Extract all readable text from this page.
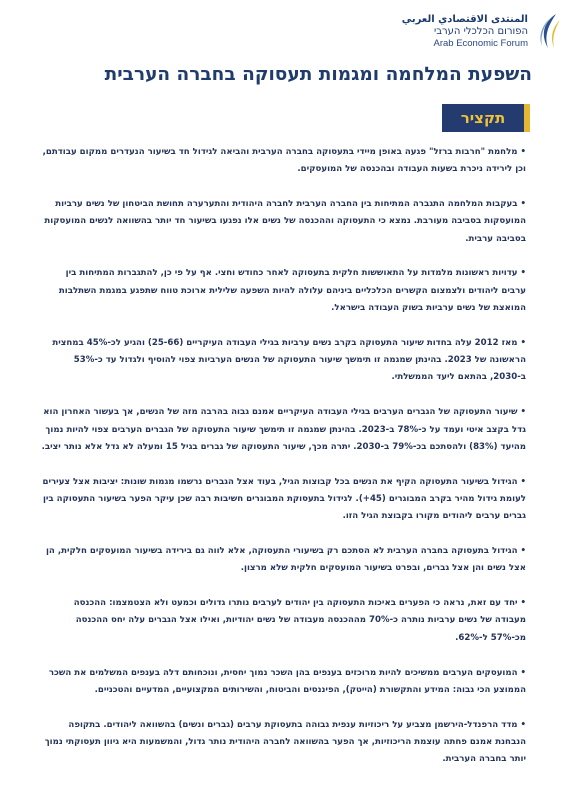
المنتدى الاقتصادي العربي
הפורום הכלכלי הערבי
Arab Economic Forum
השפעת המלחמה ומגמות תעסוקה בחברה הערבית
תקציר

• מלחמת "חרבות ברזל" פגעה באופן מיידי בתעסוקה בחברה הערבית והביאה לגידול חד בשיעור הנעדרים ממקום עבודתם, וכן לירידה ניכרת בשעות העבודה ובהכנסה של המועסקים.

• בעקבות המלחמה התגברה המתיחות בין החברה הערבית לחברה היהודית והתערערה תחושת הביטחון של נשים ערביות המועסקות בסביבה מעורבת. נמצא כי התעסוקה וההכנסה של נשים אלו נפגעו בשיעור חד יותר בהשוואה לנשים המועסקות בסביבה ערבית.

• עדויות ראשונות מלמדות על התאוששות חלקית בתעסוקה לאחר כחודש וחצי. אף על פי כן, להתגברות המתיחות בין ערבים ליהודים ולצמצום הקשרים הכלכליים ביניהם עלולה להיות השפעה שלילית ארוכת טווח שתפגע במגמת השתלבות המואצת של נשים ערביות בשוק העבודה בישראל.

• מאז 2012 עלה בחדות שיעור התעסוקה בקרב נשים ערביות בגילי העבודה העיקריים (25-66) והגיע לכ-45% במחצית הראשונה של 2023. בהינתן שמגמה זו תימשך שיעור התעסוקה של הנשים הערביות צפוי להוסיף ולגדול עד כ-53% ב-2030, בהתאם ליעד הממשלתי.

• שיעור התעסוקה של הגברים הערבים בגילי העבודה העיקריים אמנם גבוה בהרבה מזה של הנשים, אך בעשור האחרון הוא גדל בקצב איטי ועמד על כ-78% ב-2023. בהינתן שמגמה זו תימשך שיעור התעסוקה של הגברים הערבים צפוי להיות נמוך מהיעד (83%) ולהסתכם בכ-79% ב-2030. יתרה מכך, שיעור התעסוקה של גברים בגיל 15 ומעלה לא גדל אלא נותר יציב.

• הגידול בשיעור התעסוקה הקיף את הנשים בכל קבוצות הגיל, בעוד אצל הגברים נרשמו מגמות שונות: יציבות אצל צעירים לעומת גידול מהיר בקרב המבוגרים (45+). לגידול בתעסוקת המבוגרים חשיבות רבה שכן עיקר הפער בשיעור התעסוקה בין גברים ערבים ליהודים מקורו בקבוצת הגיל הזו.

• הגידול בתעסוקה בחברה הערבית לא הסתכם רק בשיעורי התעסוקה, אלא לווה גם בירידה בשיעור המועסקים חלקית, הן אצל נשים והן אצל גברים, ובפרט בשיעור המועסקים חלקית שלא מרצון.

• יחד עם זאת, נראה כי הפערים באיכות התעסוקה בין יהודים לערבים נותרו גדולים וכמעט ולא הצטמצמו: ההכנסה מעבודה של נשים ערביות נותרה כ-70% מההכנסה מעבודה של נשים יהודיות, ואילו אצל הגברים עלה יחס ההכנסה מכ-57% ל-62%.

• המועסקים הערבים ממשיכים להיות מרוכזים בענפים בהן השכר נמוך יחסית, ונוכחותם דלה בענפים המשלמים את השכר הממוצע הכי גבוה: המידע והתקשורת (הייטק), הפיננסים והביטוח, והשירותים המקצועיים, המדעיים והטכניים.

• מדד הרפנדל-הירשמן מצביע על ריכוזיות ענפית גבוהה בתעסוקת ערבים (גברים ונשים) בהשוואה ליהודים. בתקופה הנבחנת אמנם פחתה עוצמת הריכוזיות, אך הפער בהשוואה לחברה היהודית נותר גדול, והמשמעות היא גיוון תעסוקתי נמוך יותר בחברה הערבית.
